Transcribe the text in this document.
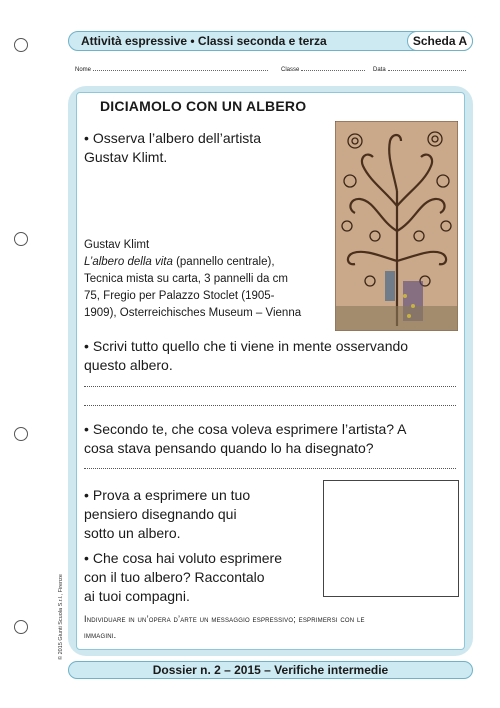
Attività espressive • Classi seconda e terza	Scheda A
Nome	Classe	Data
DICIAMOLO CON UN ALBERO
• Osserva l’albero dell’artista
Gustav Klimt.
Gustav Klimt
L’albero della vita (pannello centrale),
Tecnica mista su carta, 3 pannelli da cm
75, Fregio per Palazzo Stoclet (1905-
1909), Osterreichisches Museum – Vienna
• Scrivi tutto quello che ti viene in mente osservando
questo albero.
• Secondo te, che cosa voleva esprimere l’artista? A
cosa stava pensando quando lo ha disegnato?
• Prova a esprimere un tuo
pensiero disegnando qui
sotto un albero.
• Che cosa hai voluto esprimere
con il tuo albero? Raccontalo
ai tuoi compagni.
Individuare in un’opera d’arte un messaggio espressivo; esprimersi con le
immagini.
© 2015 Giunti Scuola S.r.l., Firenze
Dossier n. 2 – 2015 – Verifiche intermedie
